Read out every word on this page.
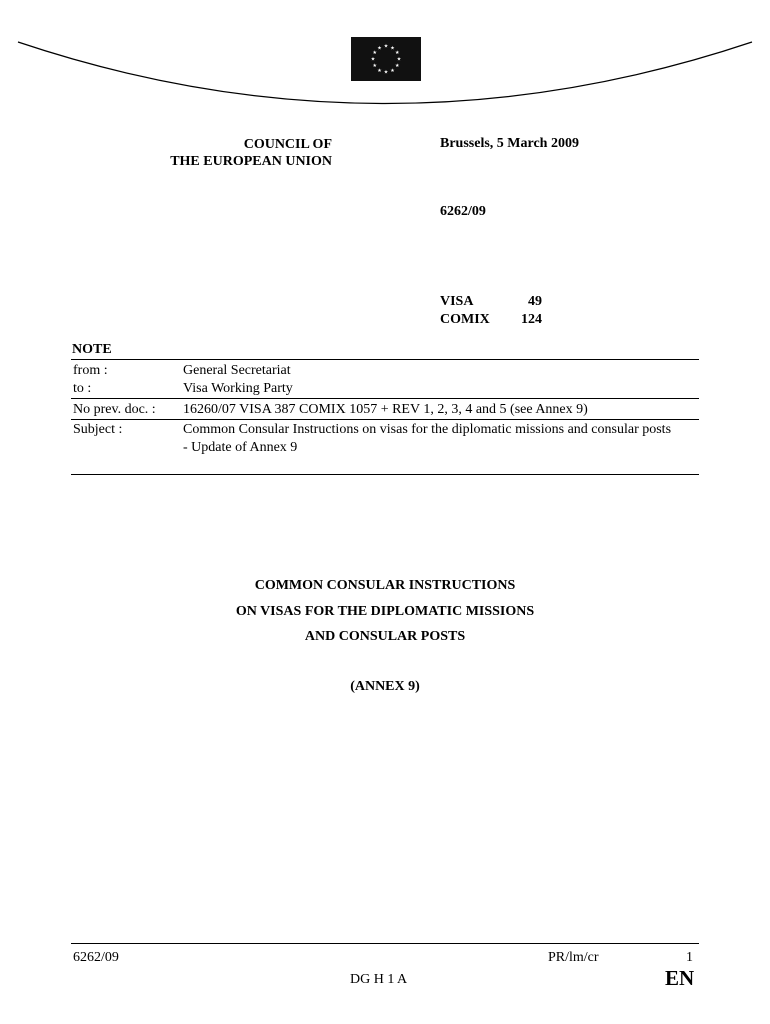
★ ★
★
★
★
★
★
★
★
★
★
★
COUNCIL OF
THE EUROPEAN UNION
Brussels, 5 March 2009
6262/09
VISA	49
COMIX	124
NOTE
from :	General Secretariat
to :	Visa Working Party
No prev. doc. :	16260/07 VISA 387 COMIX 1057 + REV 1, 2, 3, 4 and 5 (see Annex 9)
Subject :	Common Consular Instructions on visas for the diplomatic missions and consular posts
- Update of Annex 9
COMMON CONSULAR INSTRUCTIONS
ON VISAS FOR THE DIPLOMATIC MISSIONS
AND CONSULAR POSTS
(ANNEX 9)
6262/09	PR/lm/cr	1
DG H 1 A	EN
